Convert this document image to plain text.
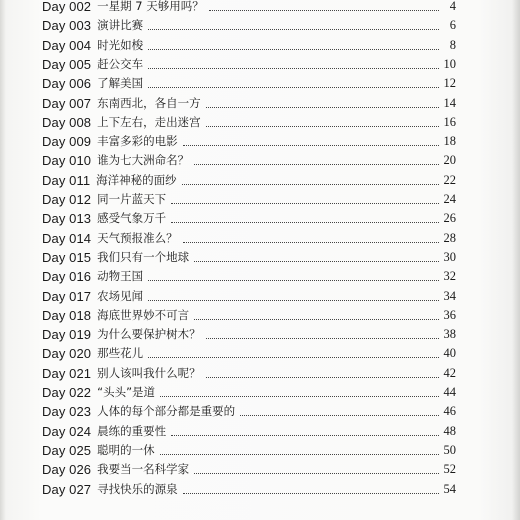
Day 002 一星期 7 天够用吗？	4
Day 003 演讲比赛	6
Day 004 时光如梭	8
Day 005 赶公交车	10
Day 006 了解美国	12
Day 007 东南西北，各自一方	14
Day 008 上下左右，走出迷宫	16
Day 009 丰富多彩的电影	18
Day 010 谁为七大洲命名？	20
Day 011 海洋神秘的面纱	22
Day 012 同一片蓝天下	24
Day 013 感受气象万千	26
Day 014 天气预报准么？	28
Day 015 我们只有一个地球	30
Day 016 动物王国	32
Day 017 农场见闻	34
Day 018 海底世界妙不可言	36
Day 019 为什么要保护树木？	38
Day 020 那些花儿	40
Day 021 别人该叫我什么呢？	42
Day 022 “头头”是道	44
Day 023 人体的每个部分都是重要的	46
Day 024 晨练的重要性	48
Day 025 聪明的一休	50
Day 026 我要当一名科学家	52
Day 027 寻找快乐的源泉	54
